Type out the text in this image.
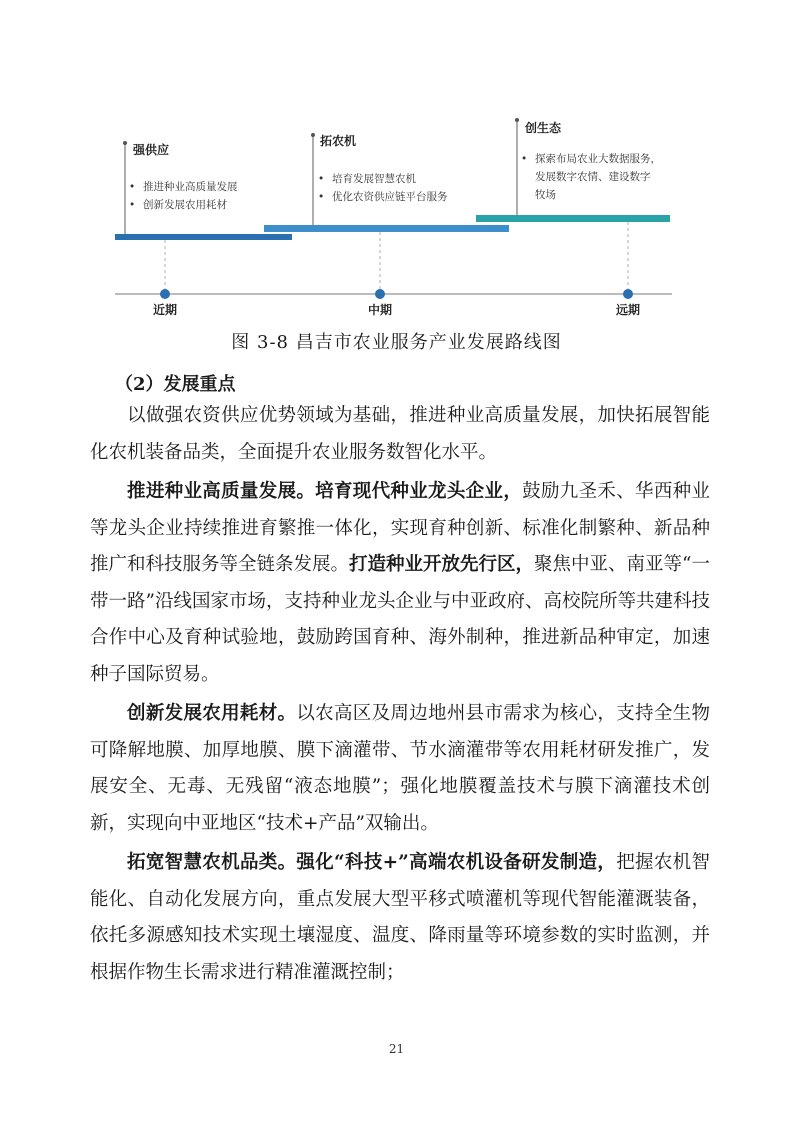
强供应
• 推进种业高质量发展
• 创新发展农用耗材
拓农机
• 培育发展智慧农机
• 优化农资供应链平台服务
创生态
• 探索布局农业大数据服务，
发展数字农情、建设数字
牧场
近期	中期	远期
图 3-8 昌吉市农业服务产业发展路线图
（2）发展重点

以做强农资供应优势领域为基础，推进种业高质量发展，加快拓展智能化农机装备品类，全面提升农业服务数智化水平。

推进种业高质量发展。培育现代种业龙头企业，鼓励九圣禾、华西种业等龙头企业持续推进育繁推一体化，实现育种创新、标准化制繁种、新品种推广和科技服务等全链条发展。打造种业开放先行区，聚焦中亚、南亚等“一带一路”沿线国家市场，支持种业龙头企业与中亚政府、高校院所等共建科技合作中心及育种试验地，鼓励跨国育种、海外制种，推进新品种审定，加速种子国际贸易。

创新发展农用耗材。以农高区及周边地州县市需求为核心，支持全生物可降解地膜、加厚地膜、膜下滴灌带、节水滴灌带等农用耗材研发推广，发展安全、无毒、无残留“液态地膜”；强化地膜覆盖技术与膜下滴灌技术创新，实现向中亚地区“技术+产品”双输出。

拓宽智慧农机品类。强化“科技+”高端农机设备研发制造，把握农机智能化、自动化发展方向，重点发展大型平移式喷灌机等现代智能灌溉装备，依托多源感知技术实现土壤湿度、温度、降雨量等环境参数的实时监测，并根据作物生长需求进行精准灌溉控制；

21
